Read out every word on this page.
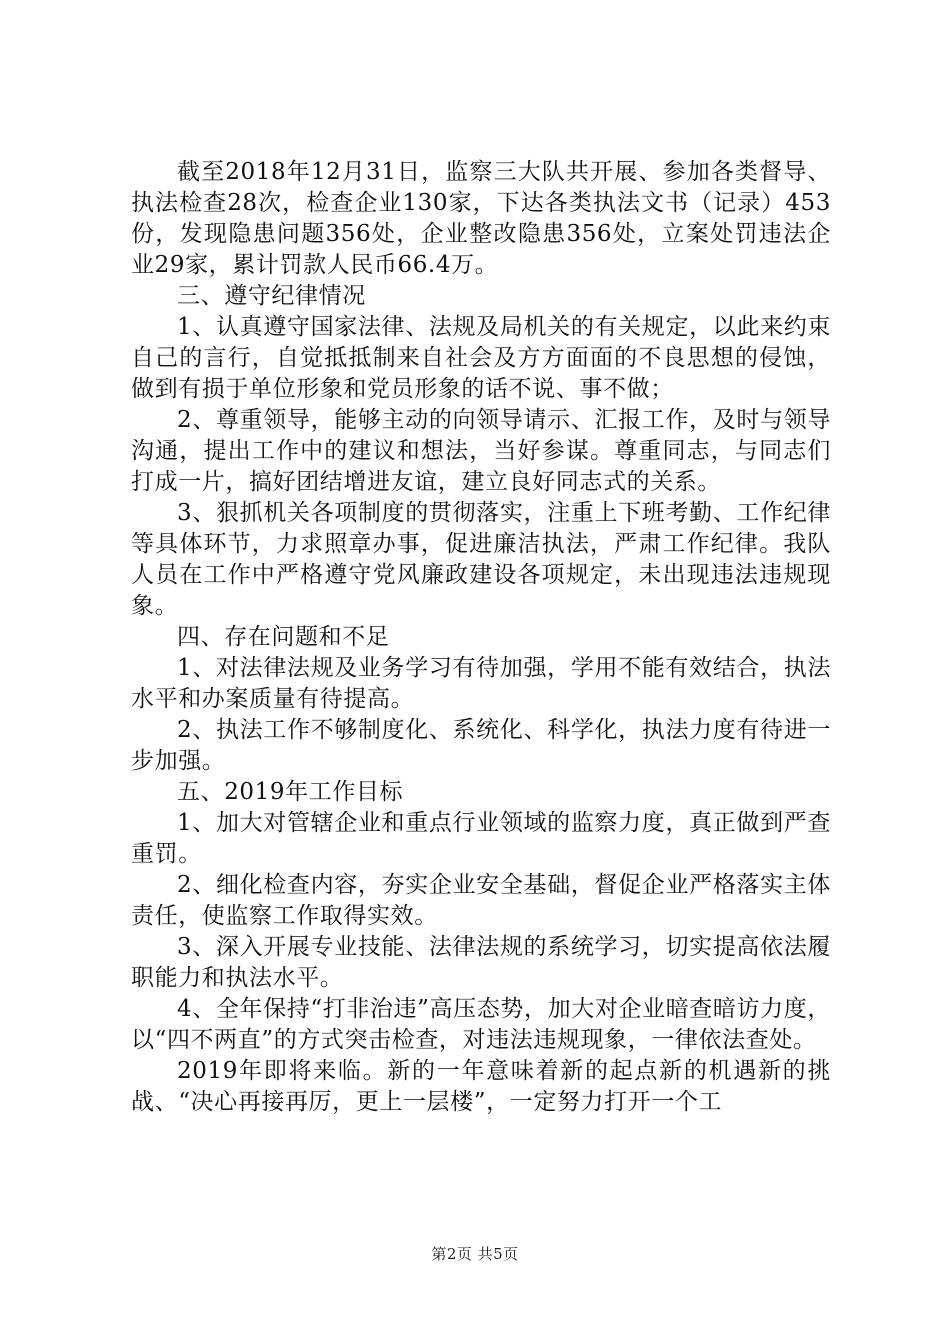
截至2018年12月31日，监察三大队共开展、参加各类督导、执法检查28次，检查企业130家，下达各类执法文书（记录）453份，发现隐患问题356处，企业整改隐患356处，立案处罚违法企业29家，累计罚款人民币66.4万。

三、遵守纪律情况

1、认真遵守国家法律、法规及局机关的有关规定，以此来约束自己的言行，自觉抵抵制来自社会及方方面面的不良思想的侵蚀，做到有损于单位形象和党员形象的话不说、事不做；

2、尊重领导，能够主动的向领导请示、汇报工作，及时与领导沟通，提出工作中的建议和想法，当好参谋。尊重同志，与同志们打成一片，搞好团结增进友谊，建立良好同志式的关系。

3、狠抓机关各项制度的贯彻落实，注重上下班考勤、工作纪律等具体环节，力求照章办事，促进廉洁执法，严肃工作纪律。我队人员在工作中严格遵守党风廉政建设各项规定，未出现违法违规现象。

四、存在问题和不足

1、对法律法规及业务学习有待加强，学用不能有效结合，执法水平和办案质量有待提高。

2、执法工作不够制度化、系统化、科学化，执法力度有待进一步加强。

五、2019年工作目标

1、加大对管辖企业和重点行业领域的监察力度，真正做到严查重罚。

2、细化检查内容，夯实企业安全基础，督促企业严格落实主体责任，使监察工作取得实效。

3、深入开展专业技能、法律法规的系统学习，切实提高依法履职能力和执法水平。

4、全年保持“打非治违”高压态势，加大对企业暗查暗访力度，以“四不两直”的方式突击检查，对违法违规现象，一律依法查处。

2019年即将来临。新的一年意味着新的起点新的机遇新的挑战、“决心再接再厉，更上一层楼”，一定努力打开一个工

第2页 共5页
